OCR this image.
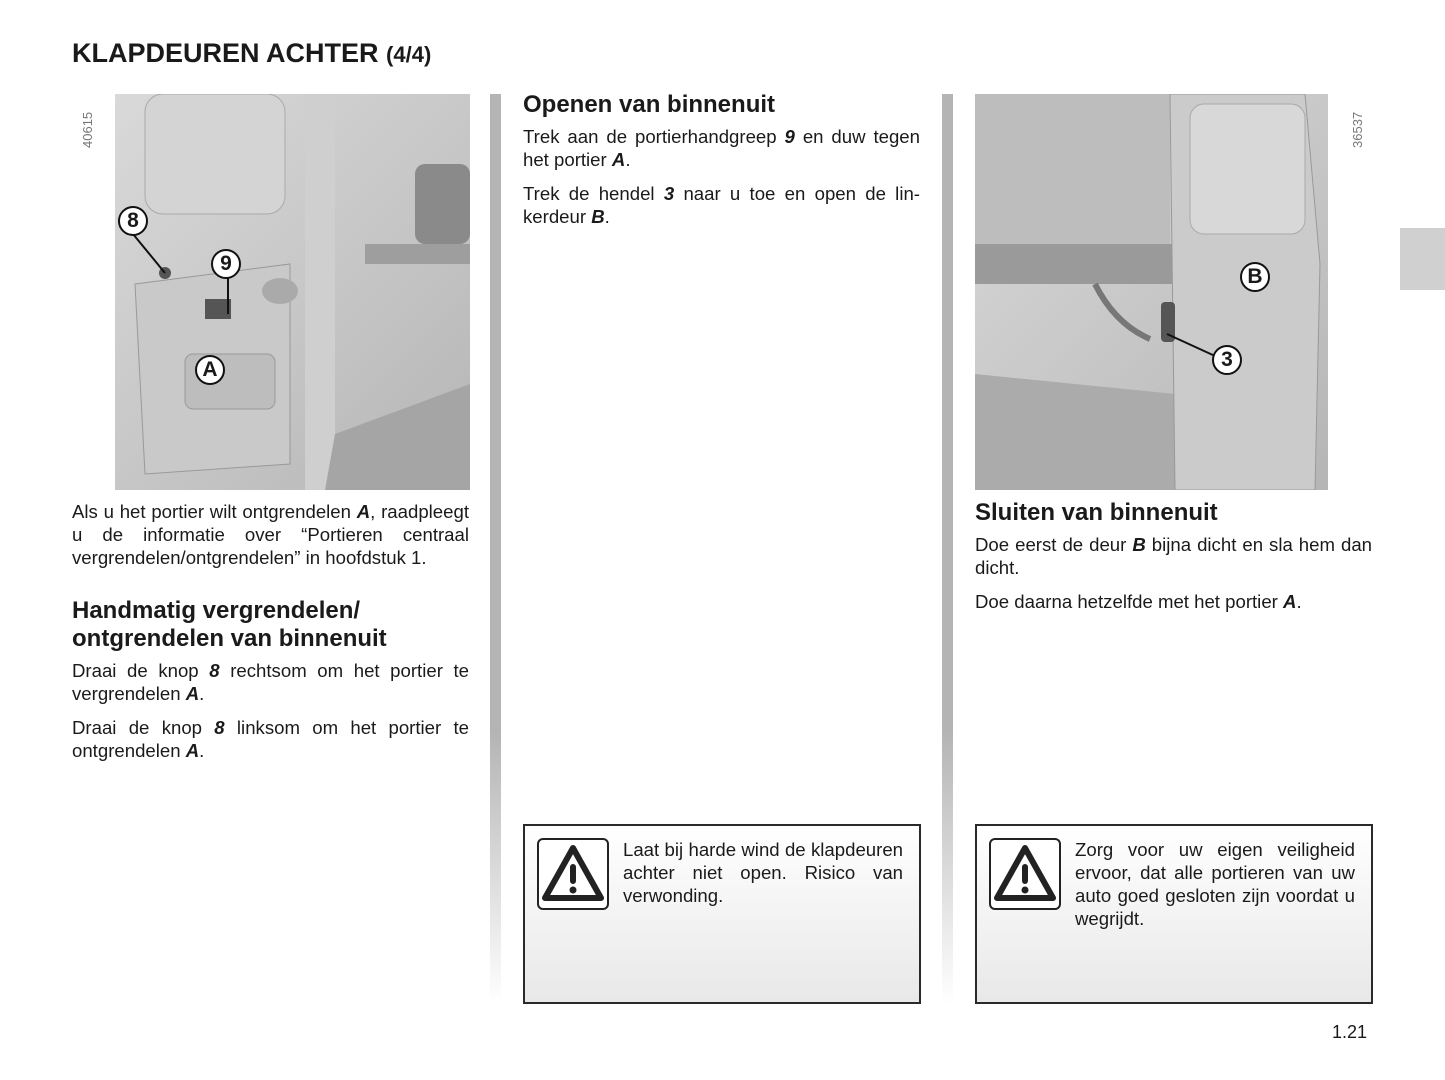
KLAPDEUREN ACHTER (4/4)
40615
8
9
A

Als u het portier wilt ontgrendelen A, raadpleegt u de informatie over “Portieren centraal vergrendelen/ontgrendelen” in hoofdstuk 1.

Handmatig vergrendelen/ ontgrendelen van binnenuit

Draai de knop 8 rechtsom om het portier te vergrendelen A.

Draai de knop 8 linksom om het portier te ontgrendelen A.

Openen van binnenuit

Trek aan de portierhandgreep 9 en duw tegen het portier A.

Trek de hendel 3 naar u toe en open de linkerdeur B.

Laat bij harde wind de klapdeuren achter niet open. Risico van verwonding.
B
3
36537
Sluiten van binnenuit

Doe eerst de deur B bijna dicht en sla hem dan dicht.

Doe daarna hetzelfde met het portier A.

Zorg voor uw eigen veiligheid ervoor, dat alle portieren van uw auto goed gesloten zijn voordat u wegrijdt.
1.21
